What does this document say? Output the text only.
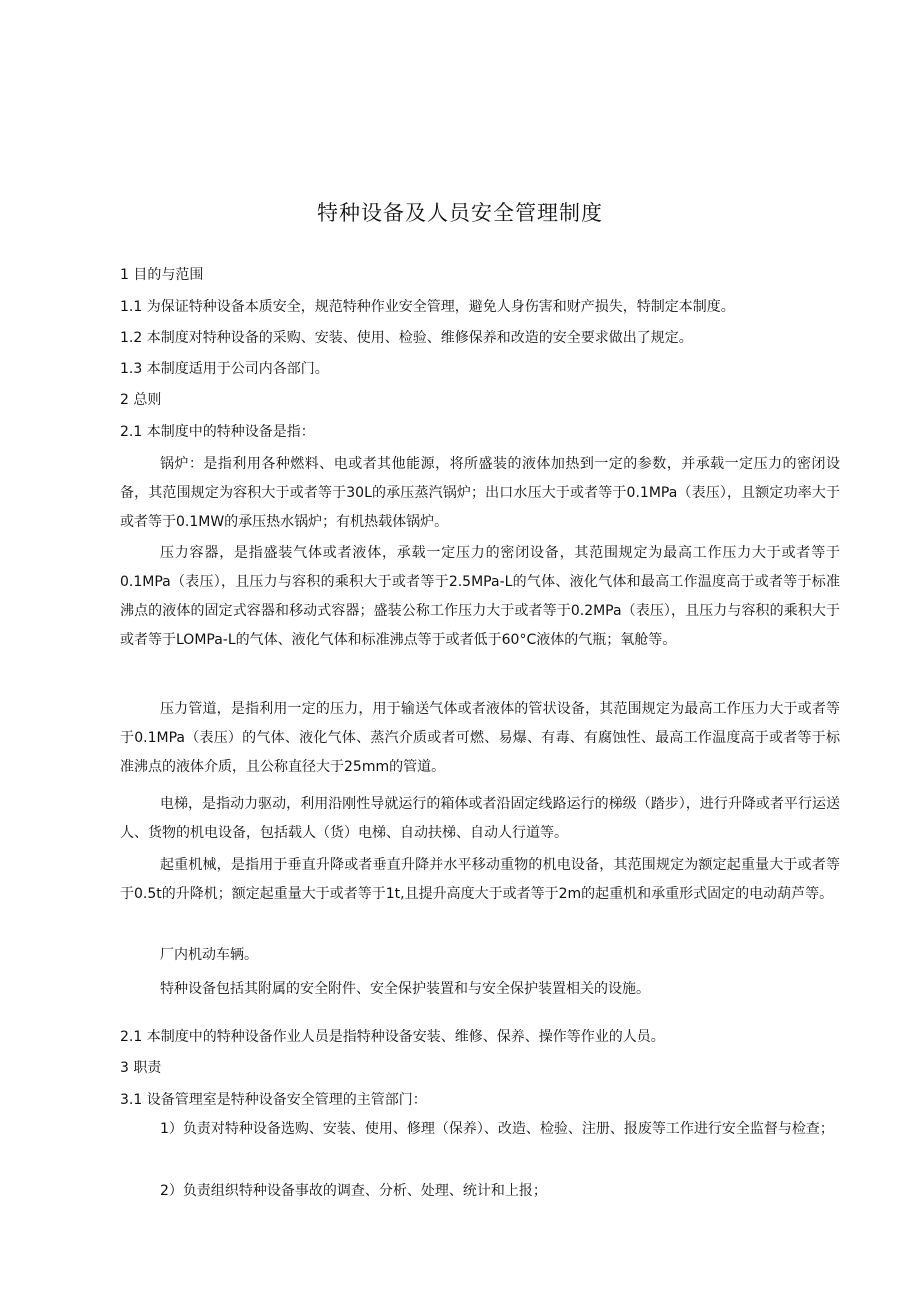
特种设备及人员安全管理制度
1 目的与范围
1.1 为保证特种设备本质安全，规范特种作业安全管理，避免人身伤害和财产损失，特制定本制度。
1.2 本制度对特种设备的采购、安装、使用、检验、维修保养和改造的安全要求做出了规定。
1.3 本制度适用于公司内各部门。
2 总则
2.1 本制度中的特种设备是指：
锅炉：是指利用各种燃料、电或者其他能源，将所盛装的液体加热到一定的参数，并承载一定压力的密闭设备，其范围规定为容积大于或者等于30L的承压蒸汽锅炉；出口水压大于或者等于0.1MPa（表压），且额定功率大于或者等于0.1MW的承压热水锅炉；有机热载体锅炉。
压力容器，是指盛装气体或者液体，承载一定压力的密闭设备，其范围规定为最高工作压力大于或者等于0.1MPa（表压），且压力与容积的乘积大于或者等于2.5MPa-L的气体、液化气体和最高工作温度高于或者等于标准沸点的液体的固定式容器和移动式容器；盛装公称工作压力大于或者等于0.2MPa（表压），且压力与容积的乘积大于或者等于LOMPa-L的气体、液化气体和标准沸点等于或者低于60°C液体的气瓶；氧舱等。
压力管道，是指利用一定的压力，用于输送气体或者液体的管状设备，其范围规定为最高工作压力大于或者等于0.1MPa（表压）的气体、液化气体、蒸汽介质或者可燃、易爆、有毒、有腐蚀性、最高工作温度高于或者等于标准沸点的液体介质，且公称直径大于25mm的管道。
电梯，是指动力驱动，利用沿刚性导就运行的箱体或者沿固定线路运行的梯级（踏步），进行升降或者平行运送人、货物的机电设备，包括载人（货）电梯、自动扶梯、自动人行道等。
起重机械，是指用于垂直升降或者垂直升降并水平移动重物的机电设备，其范围规定为额定起重量大于或者等于0.5t的升降机；额定起重量大于或者等于1t,且提升高度大于或者等于2m的起重机和承重形式固定的电动葫芦等。
厂内机动车辆。
特种设备包括其附属的安全附件、安全保护装置和与安全保护装置相关的设施。
2.1 本制度中的特种设备作业人员是指特种设备安装、维修、保养、操作等作业的人员。
3 职责
3.1 设备管理室是特种设备安全管理的主管部门：
1）负责对特种设备选购、安装、使用、修理（保养）、改造、检验、注册、报废等工作进行安全监督与检查；
2）负责组织特种设备事故的调查、分析、处理、统计和上报；
